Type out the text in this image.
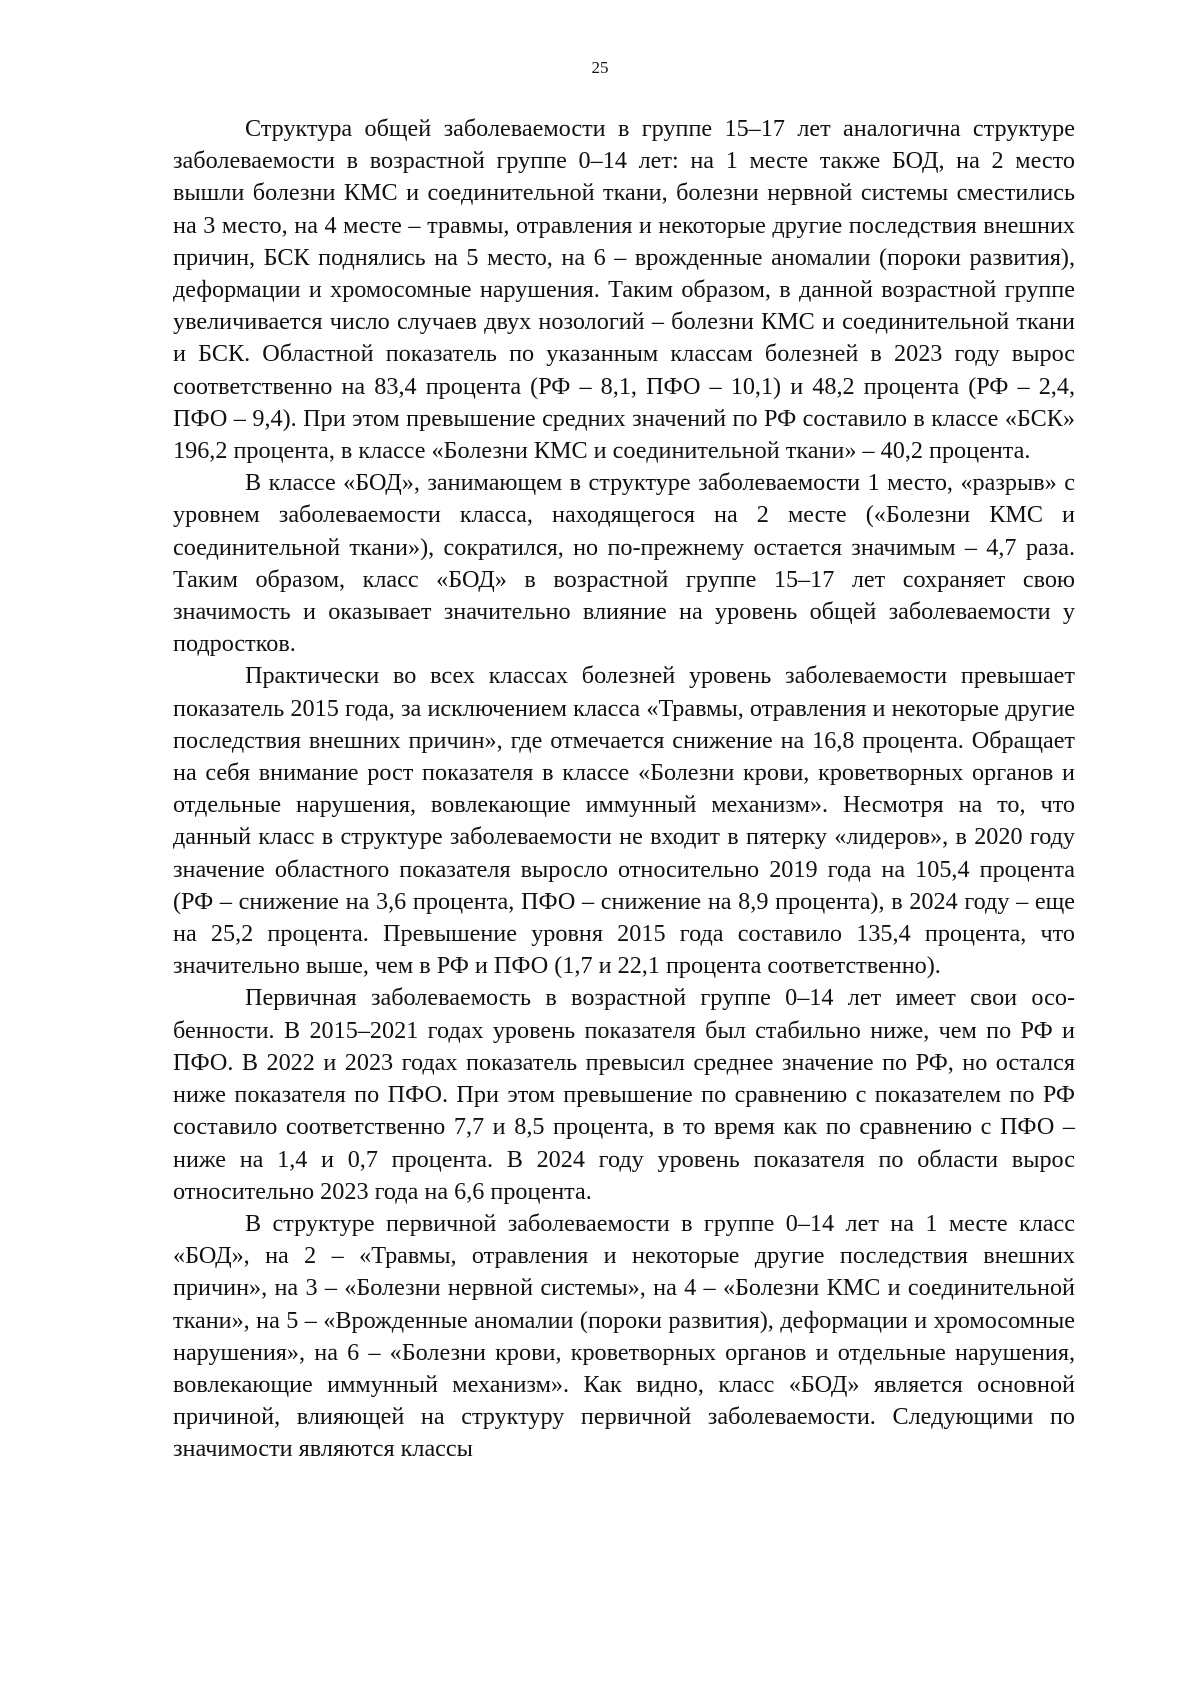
25

Структура общей заболеваемости в группе 15–17 лет аналогична структуре заболеваемости в возрастной группе 0–14 лет: на 1 месте также БОД, на 2 место вышли болезни КМС и соединительной ткани, болезни нервной системы сместились на 3 место, на 4 месте – травмы, отравления и некоторые другие последствия внешних причин, БСК поднялись на 5 место, на 6 – врожденные аномалии (пороки развития), деформации и хромосомные нарушения. Таким образом, в данной возрастной группе увеличивается число случаев двух нозологий – болезни КМС и соединительной ткани и БСК. Областной показатель по указанным классам болезней в 2023 году вырос соответственно на 83,4 процента (РФ – 8,1, ПФО – 10,1) и 48,2 процента (РФ – 2,4, ПФО – 9,4). При этом превышение средних значений по РФ составило в классе «БСК» 196,2 процента, в классе «Болезни КМС и соединительной ткани» – 40,2 процента.

В классе «БОД», занимающем в структуре заболеваемости 1 место, «разрыв» с уровнем заболеваемости класса, находящегося на 2 месте («Болезни КМС и соединительной ткани»), сократился, но по-прежнему остается значимым – 4,7 раза. Таким образом, класс «БОД» в возрастной группе 15–17 лет сохраняет свою значимость и оказывает значительно влияние на уровень общей заболеваемости у подростков.

Практически во всех классах болезней уровень заболеваемости превышает показатель 2015 года, за исключением класса «Травмы, отравления и некоторые другие последствия внешних причин», где отмечается снижение на 16,8 процента. Обращает на себя внимание рост показателя в классе «Болезни крови, кроветворных органов и отдельные нарушения, вовлекающие иммунный механизм». Несмотря на то, что данный класс в структуре заболеваемости не входит в пятерку «лидеров», в 2020 году значение областного показателя выросло относительно 2019 года на 105,4 процента (РФ – снижение на 3,6 процента, ПФО – снижение на 8,9 процента), в 2024 году – еще на 25,2 процента. Превышение уровня 2015 года составило 135,4 процента, что значительно выше, чем в РФ и ПФО (1,7 и 22,1 процента соответственно).

Первичная заболеваемость в возрастной группе 0–14 лет имеет свои особенности. В 2015–2021 годах уровень показателя был стабильно ниже, чем по РФ и ПФО. В 2022 и 2023 годах показатель превысил среднее значение по РФ, но остался ниже показателя по ПФО. При этом превышение по сравнению с показателем по РФ составило соответственно 7,7 и 8,5 процента, в то время как по сравнению с ПФО – ниже на 1,4 и 0,7 процента. В 2024 году уровень показателя по области вырос относительно 2023 года на 6,6 процента.

В структуре первичной заболеваемости в группе 0–14 лет на 1 месте класс «БОД», на 2 – «Травмы, отравления и некоторые другие последствия внешних причин», на 3 – «Болезни нервной системы», на 4 – «Болезни КМС и соединительной ткани», на 5 – «Врожденные аномалии (пороки развития), деформации и хромосомные нарушения», на 6 – «Болезни крови, кроветворных органов и отдельные нарушения, вовлекающие иммунный механизм». Как видно, класс «БОД» является основной причиной, влияющей на структуру первичной заболеваемости. Следующими по значимости являются классы
